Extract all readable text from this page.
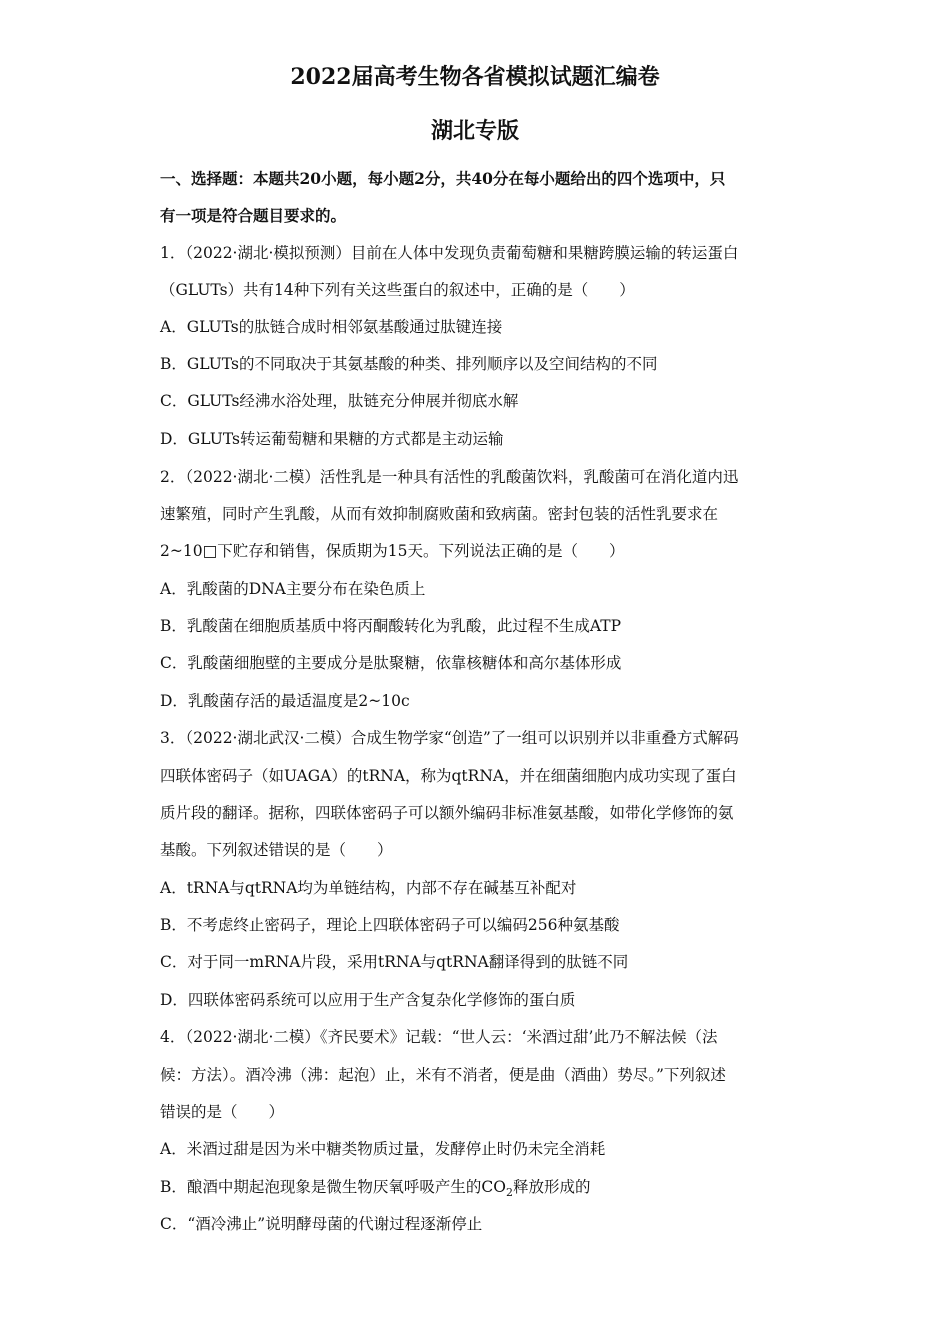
2022届高考生物各省模拟试题汇编卷
湖北专版
一、选择题：本题共20小题，每小题2分，共40分在每小题给出的四个选项中，只
有一项是符合题目要求的。
1．（2022·湖北·模拟预测）目前在人体中发现负责葡萄糖和果糖跨膜运输的转运蛋白
（GLUTs）共有14种下列有关这些蛋白的叙述中，正确的是（　　）
A．GLUTs的肽链合成时相邻氨基酸通过肽键连接
B．GLUTs的不同取决于其氨基酸的种类、排列顺序以及空间结构的不同
C．GLUTs经沸水浴处理，肽链充分伸展并彻底水解
D．GLUTs转运葡萄糖和果糖的方式都是主动运输
2．（2022·湖北·二模）活性乳是一种具有活性的乳酸菌饮料，乳酸菌可在消化道内迅
速繁殖，同时产生乳酸，从而有效抑制腐败菌和致病菌。密封包装的活性乳要求在
2~10□下贮存和销售，保质期为15天。下列说法正确的是（　　）
A．乳酸菌的DNA主要分布在染色质上
B．乳酸菌在细胞质基质中将丙酮酸转化为乳酸，此过程不生成ATP
C．乳酸菌细胞壁的主要成分是肽聚糖，依靠核糖体和高尔基体形成
D．乳酸菌存活的最适温度是2~10c
3．（2022·湖北武汉·二模）合成生物学家“创造”了一组可以识别并以非重叠方式解码
四联体密码子（如UAGA）的tRNA，称为qtRNA，并在细菌细胞内成功实现了蛋白
质片段的翻译。据称，四联体密码子可以额外编码非标准氨基酸，如带化学修饰的氨
基酸。下列叙述错误的是（　　）
A．tRNA与qtRNA均为单链结构，内部不存在碱基互补配对
B．不考虑终止密码子，理论上四联体密码子可以编码256种氨基酸
C．对于同一mRNA片段，采用tRNA与qtRNA翻译得到的肽链不同
D．四联体密码系统可以应用于生产含复杂化学修饰的蛋白质
4．（2022·湖北·二模）《齐民要术》记载：“世人云：‘米酒过甜’此乃不解法候（法
候：方法）。酒冷沸（沸：起泡）止，米有不消者，便是曲（酒曲）势尽。”下列叙述
错误的是（　　）
A．米酒过甜是因为米中糖类物质过量，发酵停止时仍未完全消耗
B．酿酒中期起泡现象是微生物厌氧呼吸产生的$CO_2$释放形成的
C．“酒冷沸止”说明酵母菌的代谢过程逐渐停止
